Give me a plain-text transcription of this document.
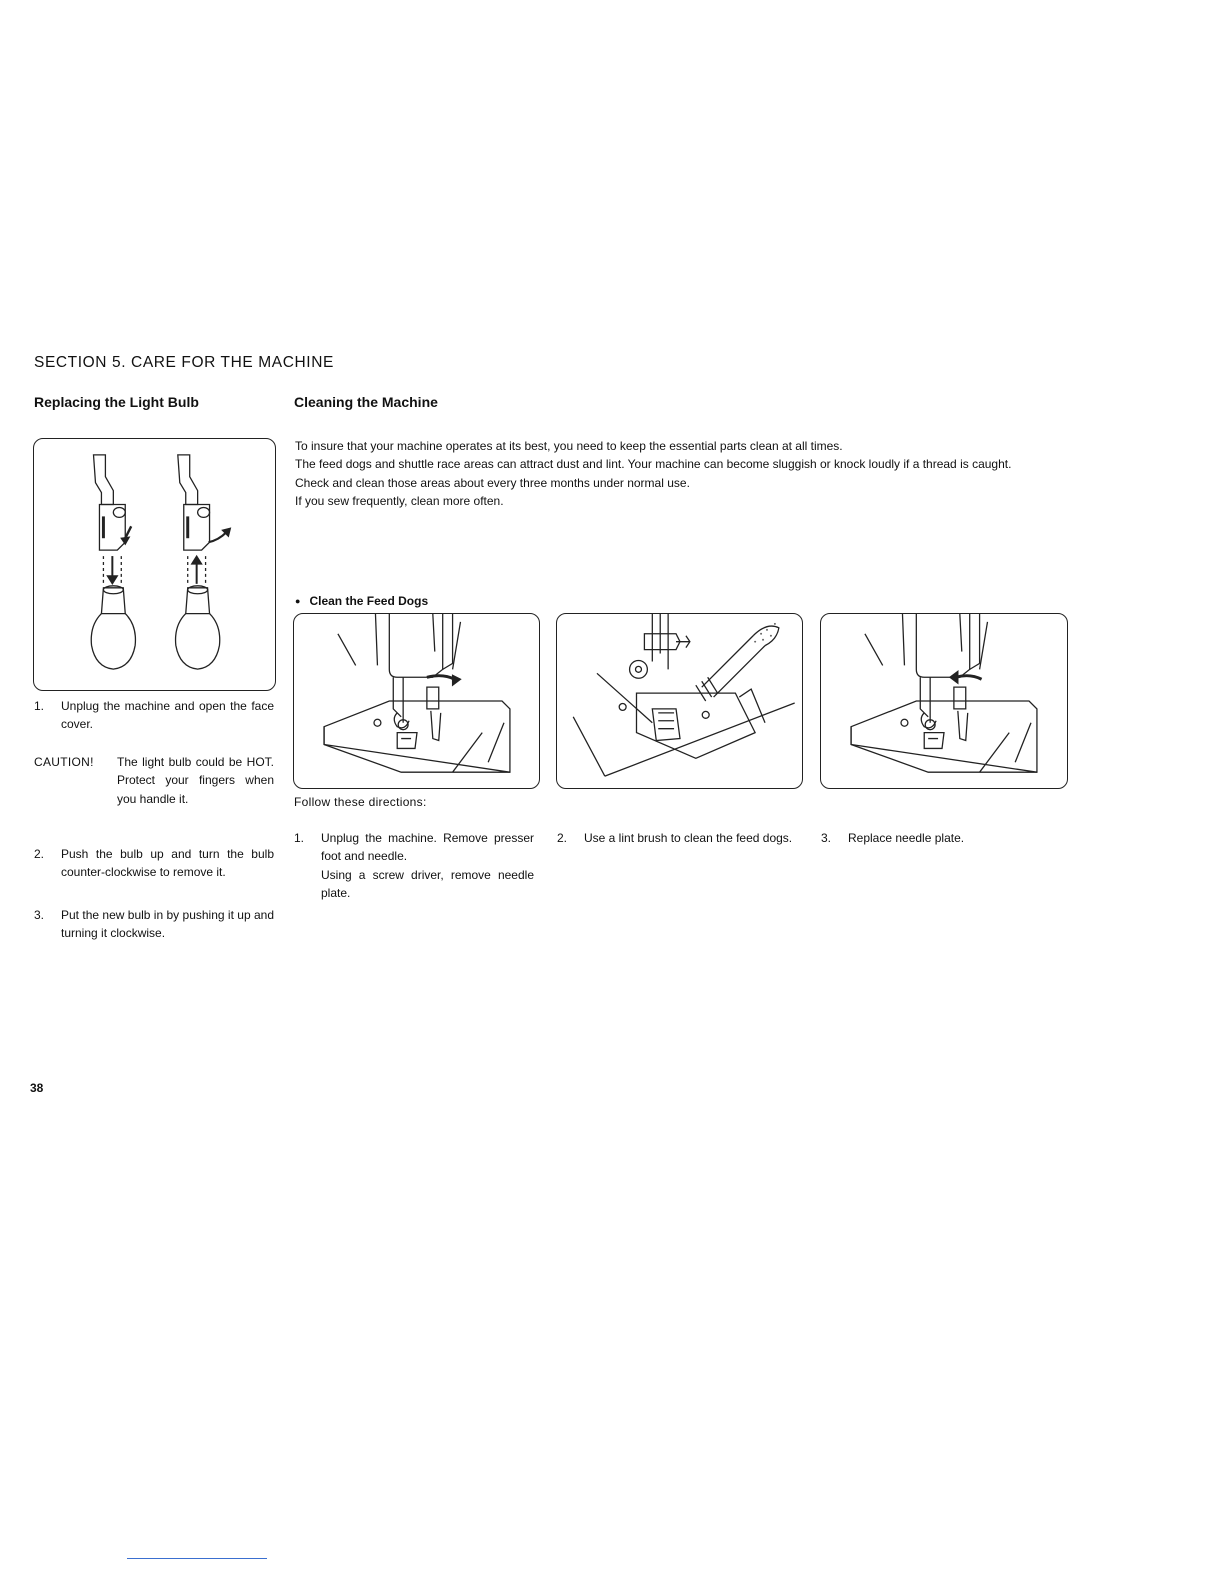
SECTION 5. CARE FOR THE MACHINE
Replacing the Light Bulb
1.	Unplug the machine and open the face cover.
CAUTION! The light bulb could be HOT. Protect your fingers when you handle it.
2.	Push the bulb up and turn the bulb counter-clockwise to remove it.
3.	Put the new bulb in by pushing it up and turning it clockwise.
Cleaning the Machine
To insure that your machine operates at its best, you need to keep the essential parts clean at all times.
The feed dogs and shuttle race areas can attract dust and lint. Your machine can become sluggish or knock loudly if a thread is caught.
Check and clean those areas about every three months under normal use.
If you sew frequently, clean more often.
● Clean the Feed Dogs
Follow these directions:
1.	Unplug the machine. Remove presser foot and needle.
Using a screw driver, remove needle plate.
2.	Use a lint brush to clean the feed dogs.	3.	Replace needle plate.
38
